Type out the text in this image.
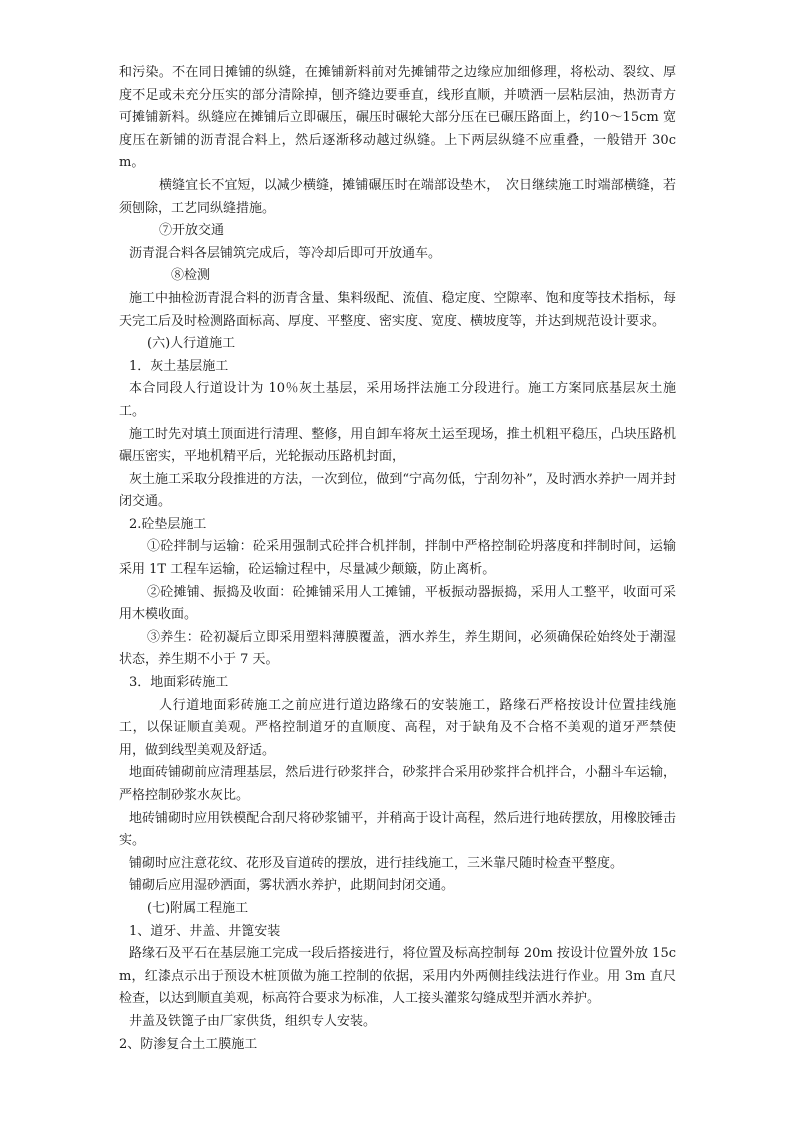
和污染。不在同日摊铺的纵缝，在摊铺新料前对先摊铺带之边缘应加细修理，将松动、裂纹、厚度不足或未充分压实的部分清除掉，刨齐缝边要垂直，线形直顺，并喷洒一层粘层油，热沥青方可摊铺新料。纵缝应在摊铺后立即碾压，碾压时碾轮大部分压在已碾压路面上，约10～15cm 宽度压在新铺的沥青混合料上，然后逐渐移动越过纵缝。上下两层纵缝不应重叠，一般错开 30cm。

横缝宜长不宜短，以减少横缝，摊铺碾压时在端部设垫木，　次日继续施工时端部横缝，若须刨除，工艺同纵缝措施。

⑦开放交通

沥青混合料各层铺筑完成后，等冷却后即可开放通车。

⑧检测

施工中抽检沥青混合料的沥青含量、集料级配、流值、稳定度、空隙率、饱和度等技术指标，每天完工后及时检测路面标高、厚度、平整度、密实度、宽度、横坡度等，并达到规范设计要求。

(六)人行道施工

1．灰土基层施工

本合同段人行道设计为 10％灰土基层，采用场拌法施工分段进行。施工方案同底基层灰土施工。

施工时先对填土顶面进行清理、整修，用自卸车将灰土运至现场，推土机粗平稳压，凸块压路机碾压密实，平地机精平后，光轮振动压路机封面，

灰土施工采取分段推进的方法，一次到位，做到“宁高勿低，宁刮勿补”，及时洒水养护一周并封闭交通。

2.砼垫层施工

①砼拌制与运输：砼采用强制式砼拌合机拌制，拌制中严格控制砼坍落度和拌制时间，运输采用 1T 工程车运输，砼运输过程中，尽量减少颠簸，防止离析。

②砼摊铺、振捣及收面：砼摊铺采用人工摊铺，平板振动器振捣，采用人工整平，收面可采用木模收面。

③养生：砼初凝后立即采用塑料薄膜覆盖，洒水养生，养生期间，必须确保砼始终处于潮湿状态，养生期不小于 7 天。

3．地面彩砖施工

人行道地面彩砖施工之前应进行道边路缘石的安装施工，路缘石严格按设计位置挂线施工，以保证顺直美观。严格控制道牙的直顺度、高程，对于缺角及不合格不美观的道牙严禁使用，做到线型美观及舒适。

地面砖铺砌前应清理基层，然后进行砂浆拌合，砂浆拌合采用砂浆拌合机拌合，小翻斗车运输，严格控制砂浆水灰比。

地砖铺砌时应用铁模配合刮尺将砂浆铺平，并稍高于设计高程，然后进行地砖摆放，用橡胶锤击实。

铺砌时应注意花纹、花形及盲道砖的摆放，进行挂线施工，三米靠尺随时检查平整度。

铺砌后应用湿砂洒面，雾状洒水养护，此期间封闭交通。

(七)附属工程施工

1、道牙、井盖、井篦安装

路缘石及平石在基层施工完成一段后搭接进行，将位置及标高控制每 20m 按设计位置外放 15cm，红漆点示出于预设木桩顶做为施工控制的依据，采用内外两侧挂线法进行作业。用 3m 直尺检查，以达到顺直美观，标高符合要求为标准，人工接头灌浆勾缝成型并洒水养护。

井盖及铁篦子由厂家供货，组织专人安装。

2、防渗复合土工膜施工
